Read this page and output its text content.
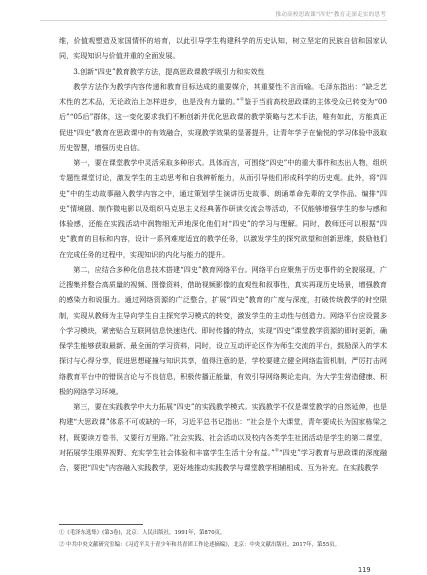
推动高校思政课“四史”教育走深走实的思考

维，价值观塑造及家国情怀的培育，以此引导学生构建科学的历史认知，树立坚定的民族自信和国家认同，实现知识与价值并重的全面发展。

3.创新“四史”教育教学方法，提高思政课教学吸引力和实效性

教学方法作为教学内容传递和教育目标达成的重要媒介，其重要性不言而喻。毛泽东指出：“缺乏艺术性的艺术品，无论政治上怎样进步，也是没有力量的。”①鉴于当前高校思政课的主体受众已转变为“00后”“05后”群体，这一变化要求我们不断创新并优化思政课的教学策略与艺术手法，唯有如此，方能真正促进“四史”教育在思政课中的有效融合，实现教学效果的显著提升，让青年学子在愉悦的学习体验中汲取历史智慧，增强历史自信。

第一，要在课堂教学中灵活采取多种形式。具体而言，可围绕“四史”中的重大事件和杰出人物，组织专题性课堂讨论，激发学生的主动思考和自我辨析能力，从而引导他们形成科学的历史观。此外，将“四史”中的生动故事融入教学内容之中，通过策划学生演讲历史故事、朗诵革命先辈的文学作品、编排“四史”情境剧、制作微电影以及组织马克思主义经典著作研读交流会等活动，不仅能够增强学生的参与感和体验感，还能在实践活动中润物细无声地深化他们对“四史”的学习与理解。同时，教师还可以根据“四史”教育的目标和内容，设计一系列难度适宜的教学任务，以激发学生的探究欲望和创新思维，鼓励他们在完成任务的过程中，实现知识的内化与能力的提升。

第二，应结合多种化信息技术搭建“四史”教育网络平台。网络平台应聚焦于历史事件的全貌展现，广泛搜集并整合高质量的视频、图像资料，借助视频影像的直观性和叙事性，真实再现历史场景，增强教育的感染力和说服力。通过网络资源的广泛整合，扩展“四史”教育的广度与深度，打破传统教学的时空限制，实现从教师为主导向学生自主探究学习模式的转变，激发学生的主动性与创造力。网络平台应设置多个学习模块，紧密贴合互联网信息快速迭代、即时传播的特点，实现“四史”课堂教学资源的即时更新，确保学生能够获取最新、最全面的学习资料，同时，设立互动评论区作为师生交流的平台，鼓励深入的学术探讨与心得分享，促进思想碰撞与知识共享，值得注意的是，学校要建立健全网络监管机制，严厉打击网络教育平台中的错误言论与不良信息，积极传播正能量，有效引导网络舆论走向，为大学生营造健康、积极的网络学习环境。

第三，要在实践教学中大力拓展“四史”的实践教学模式。实践教学不仅是课堂教学的自然延伸，也是构建“大思政课”体系不可或缺的一环，习近平总书记指出：“社会是个大课堂，青年要成长为国家栋梁之材，既要读万卷书，又要行万里路。”社会实践、社会活动以及校内各类学生社团活动是学生的第二课堂，对拓展学生眼界视野、充实学生社会体验和丰富学生生活十分有益。”②“四史”学习教育与思政课的深度融合，要把“四史”内容融入实践教学，更好地推动实践教学与课堂教学相辅相成、互为补充。在实践教学

①《毛泽东选集》(第3卷)，北京：人民出版社，1991年，第870页。
② 中共中央文献研究室编：《习近平关于青少年和共青团工作论述摘编》，北京：中央文献出版社，2017年，第55页。
119
